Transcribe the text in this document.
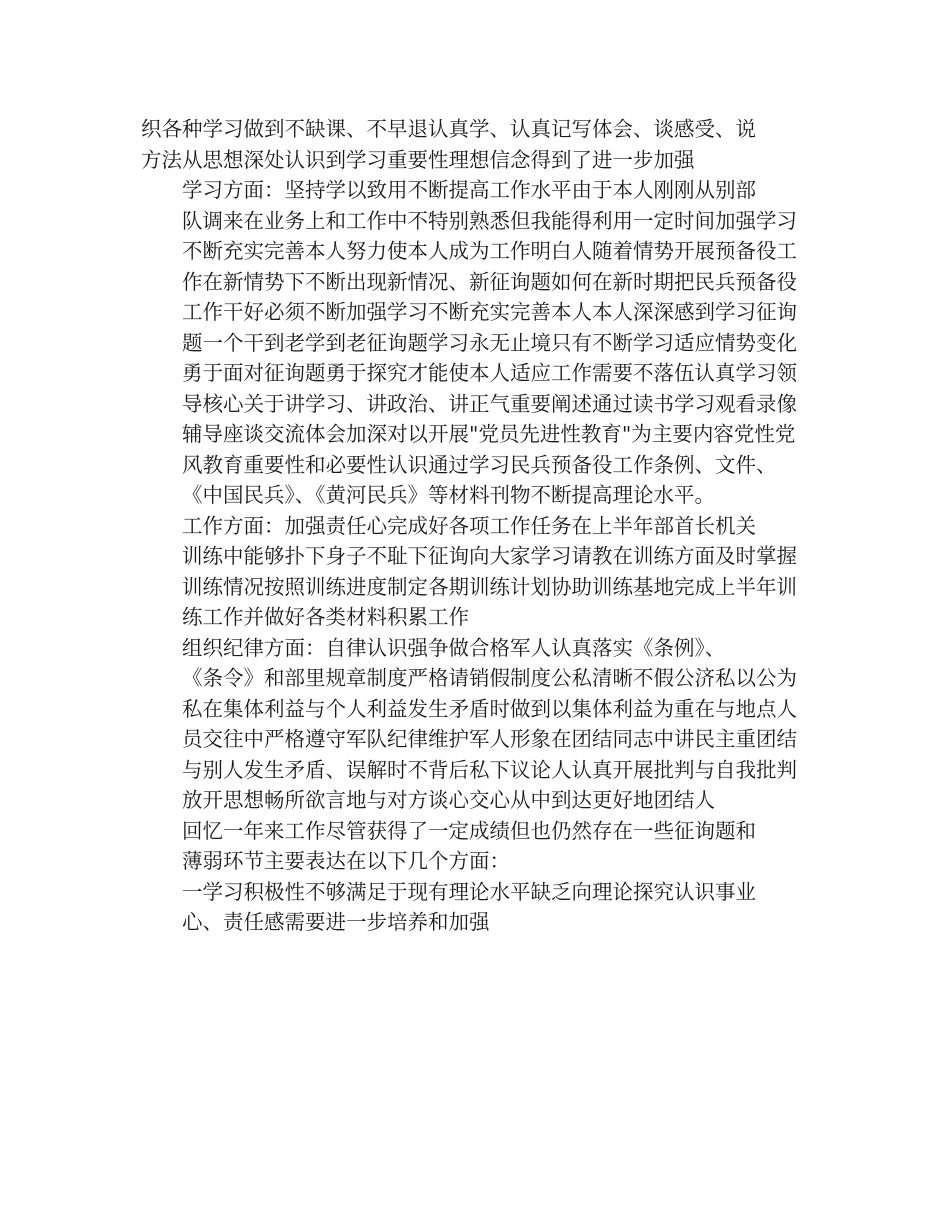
织各种学习做到不缺课、不早退认真学、认真记写体会、谈感受、说
方法从思想深处认识到学习重要性理想信念得到了进一步加强

学习方面：坚持学以致用不断提高工作水平由于本人刚刚从别部
队调来在业务上和工作中不特别熟悉但我能得利用一定时间加强学习
不断充实完善本人努力使本人成为工作明白人随着情势开展预备役工
作在新情势下不断出现新情况、新征询题如何在新时期把民兵预备役
工作干好必须不断加强学习不断充实完善本人本人深深感到学习征询
题一个干到老学到老征询题学习永无止境只有不断学习适应情势变化
勇于面对征询题勇于探究才能使本人适应工作需要不落伍认真学习领
导核心关于讲学习、讲政治、讲正气重要阐述通过读书学习观看录像
辅导座谈交流体会加深对以开展"党员先进性教育"为主要内容党性党
风教育重要性和必要性认识通过学习民兵预备役工作条例、文件、
《中国民兵》、《黄河民兵》等材料刊物不断提高理论水平。

工作方面：加强责任心完成好各项工作任务在上半年部首长机关
训练中能够扑下身子不耻下征询向大家学习请教在训练方面及时掌握
训练情况按照训练进度制定各期训练计划协助训练基地完成上半年训
练工作并做好各类材料积累工作

组织纪律方面：自律认识强争做合格军人认真落实《条例》、
《条令》和部里规章制度严格请销假制度公私清晰不假公济私以公为
私在集体利益与个人利益发生矛盾时做到以集体利益为重在与地点人
员交往中严格遵守军队纪律维护军人形象在团结同志中讲民主重团结
与别人发生矛盾、误解时不背后私下议论人认真开展批判与自我批判
放开思想畅所欲言地与对方谈心交心从中到达更好地团结人

回忆一年来工作尽管获得了一定成绩但也仍然存在一些征询题和
薄弱环节主要表达在以下几个方面：

一学习积极性不够满足于现有理论水平缺乏向理论探究认识事业
心、责任感需要进一步培养和加强
